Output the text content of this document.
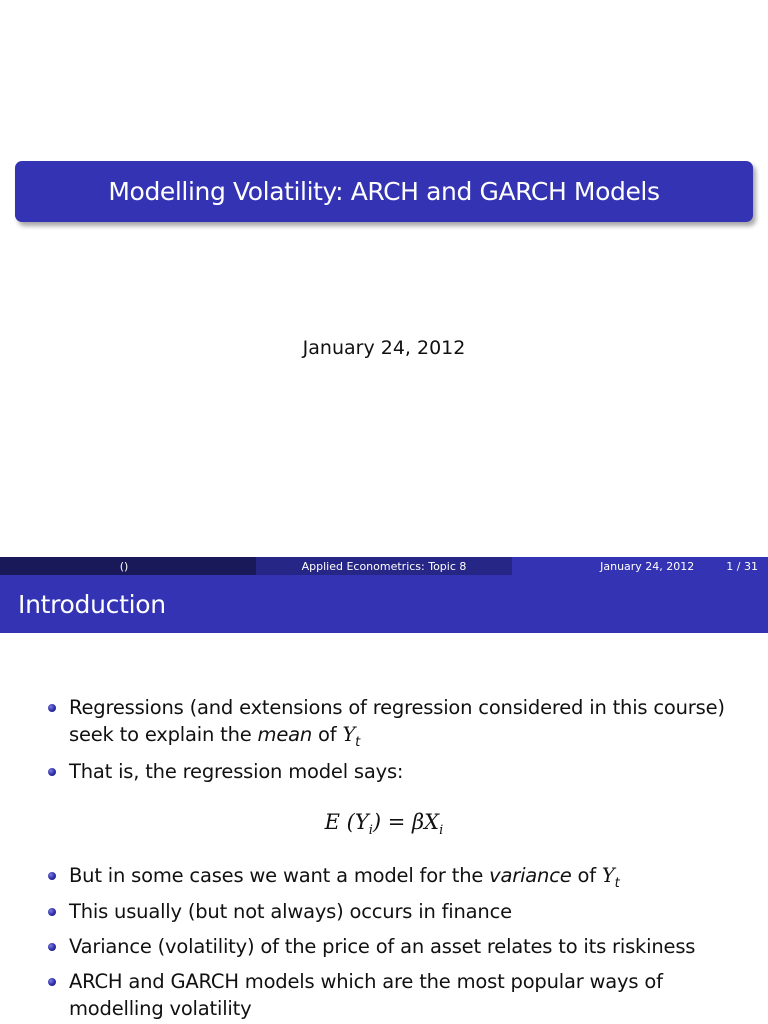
Modelling Volatility: ARCH and GARCH Models
January 24, 2012
()	Applied Econometrics: Topic 8	January 24, 2012	1 / 31
Introduction
Regressions (and extensions of regression considered in this course)
seek to explain the mean of $Y_t$
That is, the regression model says:
E $(Y_i) = \beta X_i$
But in some cases we want a model for the variance of $Y_t$
This usually (but not always) occurs in finance
Variance (volatility) of the price of an asset relates to its riskiness
ARCH and GARCH models which are the most popular ways of
modelling volatility
